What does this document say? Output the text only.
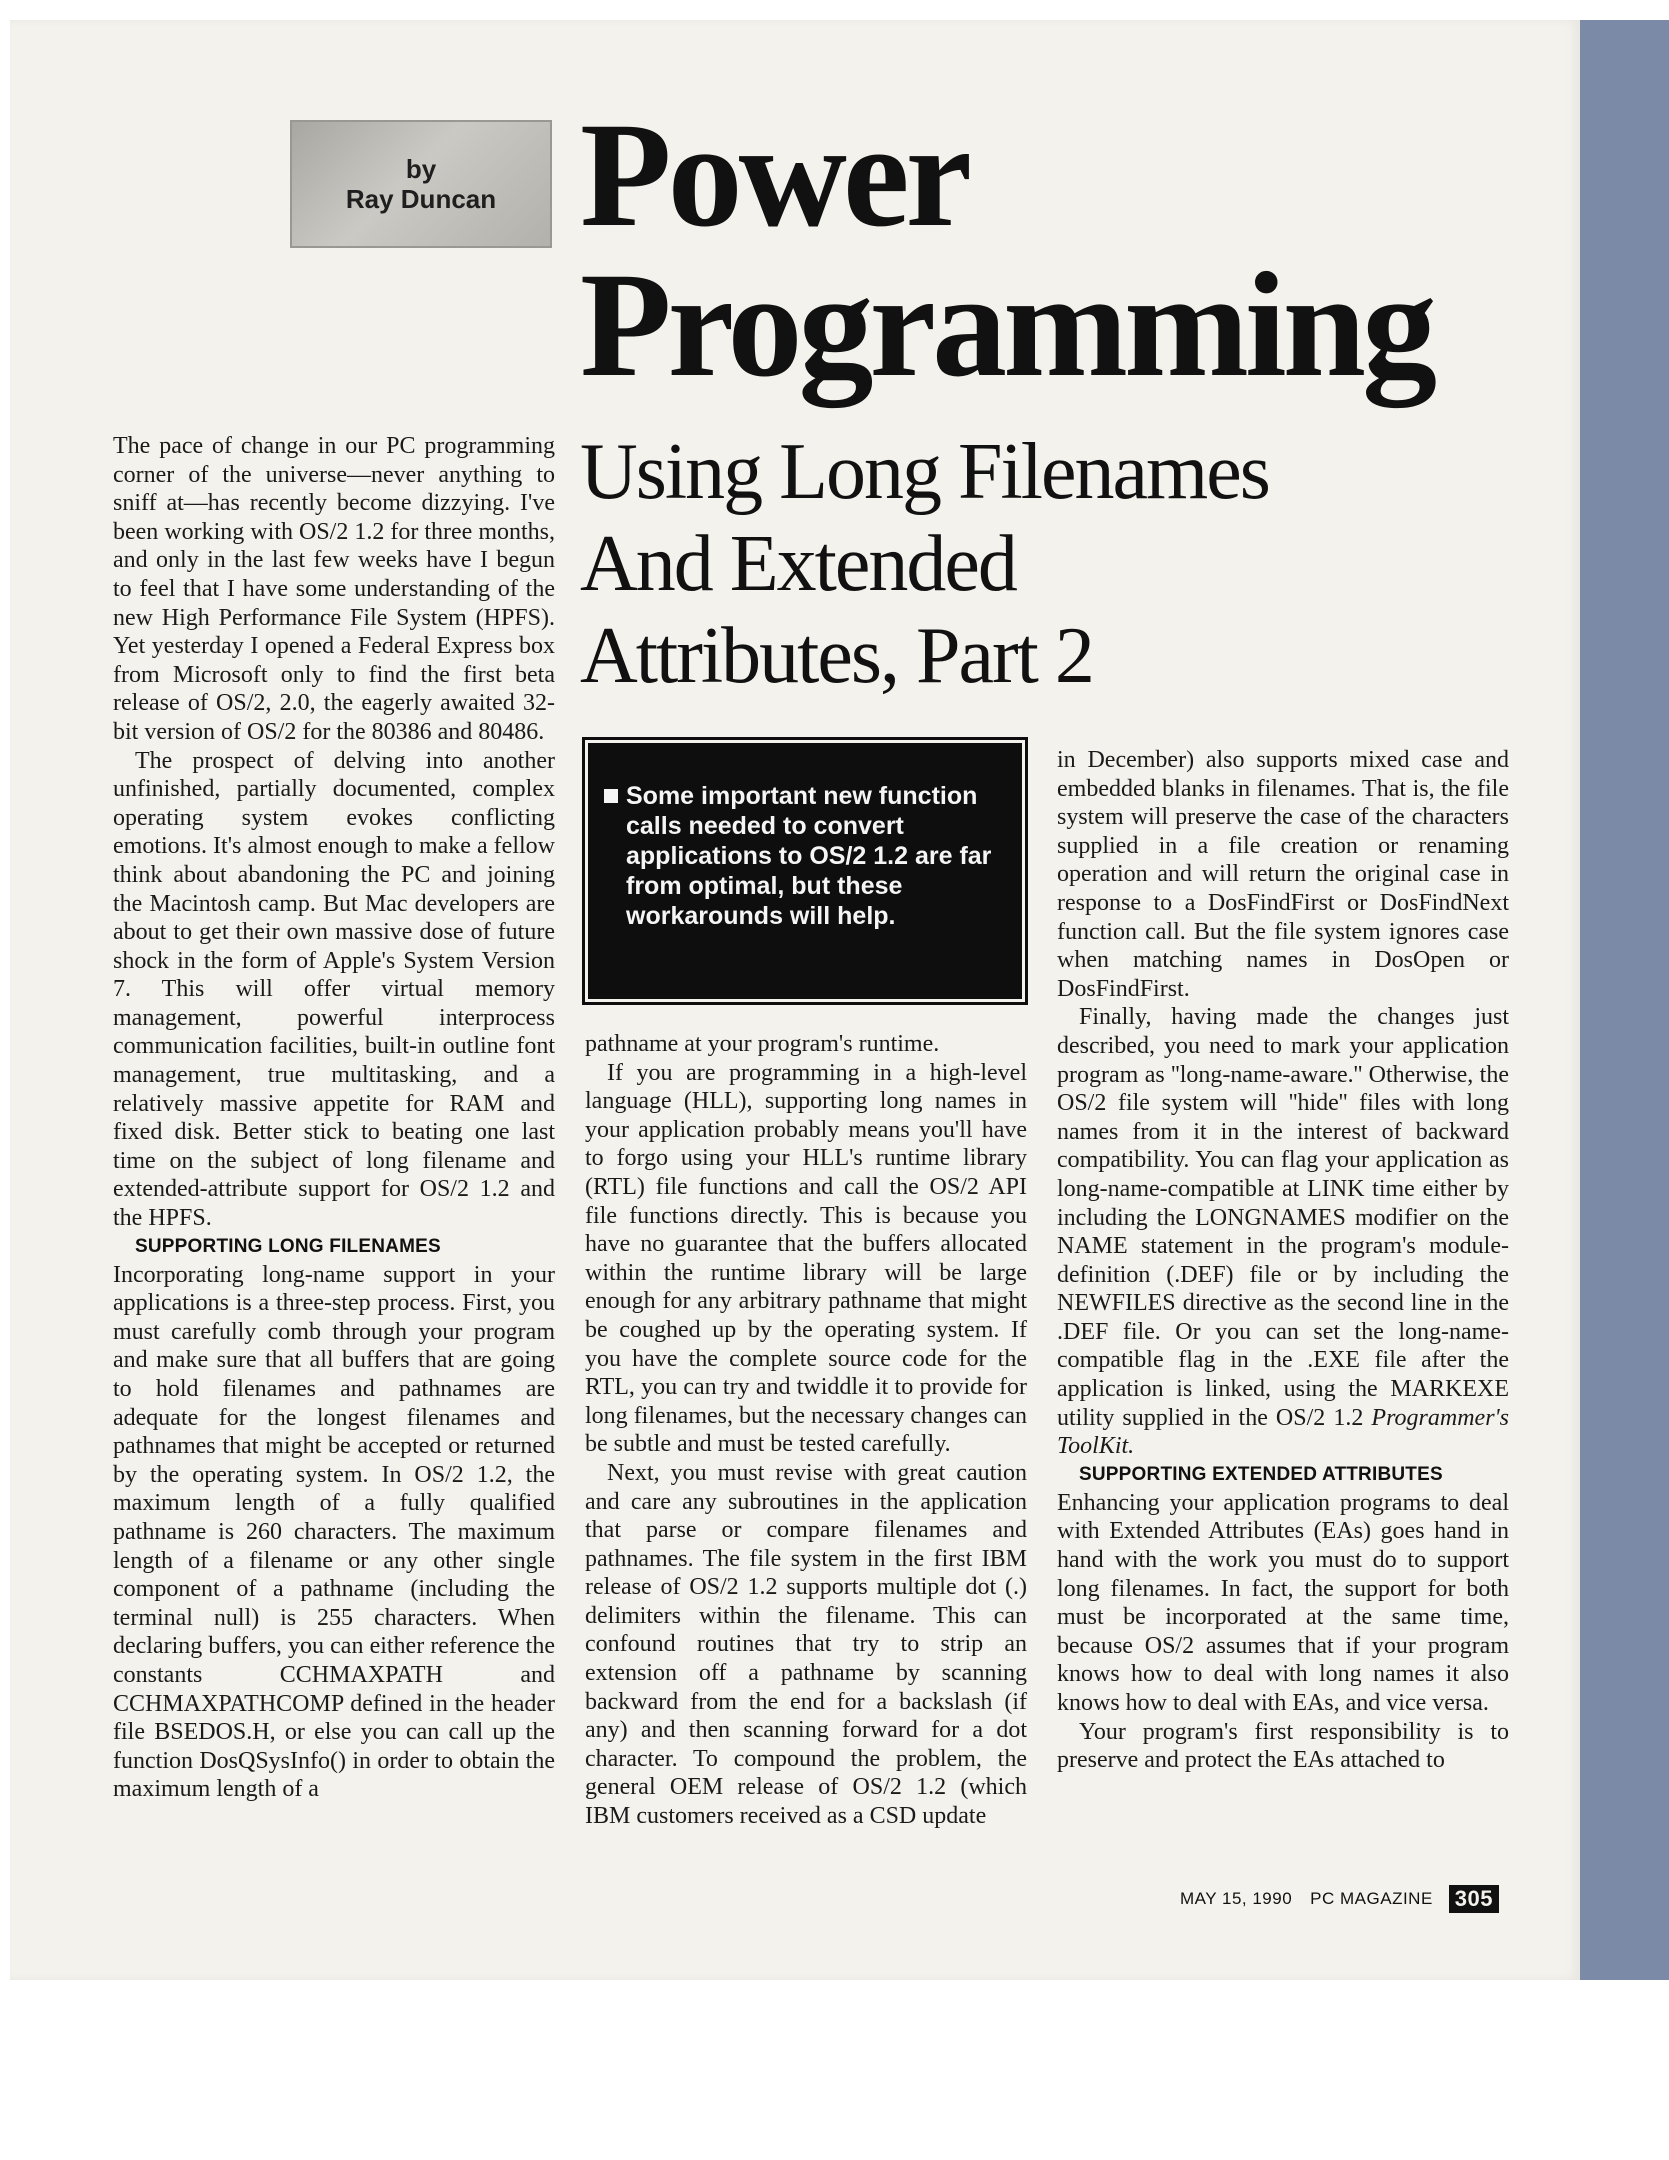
by
Ray Duncan Power
Programming
Using Long Filenames
And Extended
Attributes, Part 2

The pace of change in our PC programming corner of the universe—never anything to sniff at—has recently become dizzying. I've been working with OS/2 1.2 for three months, and only in the last few weeks have I begun to feel that I have some understanding of the new High Performance File System (HPFS). Yet yesterday I opened a Federal Express box from Microsoft only to find the first beta release of OS/2, 2.0, the eagerly awaited 32-bit version of OS/2 for the 80386 and 80486.

The prospect of delving into another unfinished, partially documented, complex operating system evokes conflicting emotions. It's almost enough to make a fellow think about abandoning the PC and joining the Macintosh camp. But Mac developers are about to get their own massive dose of future shock in the form of Apple's System Version 7. This will offer virtual memory management, powerful interprocess communication facilities, built-in outline font management, true multitasking, and a relatively massive appetite for RAM and fixed disk. Better stick to beating one last time on the subject of long filename and extended-attribute support for OS/2 1.2 and the HPFS.

SUPPORTING LONG FILENAMES

Incorporating long-name support in your applications is a three-step process. First, you must carefully comb through your program and make sure that all buffers that are going to hold filenames and pathnames are adequate for the longest filenames and pathnames that might be accepted or returned by the operating system. In OS/2 1.2, the maximum length of a fully qualified pathname is 260 characters. The maximum length of a filename or any other single component of a pathname (including the terminal null) is 255 characters. When declaring buffers, you can either reference the constants CCHMAXPATH and CCHMAXPATHCOMP defined in the header file BSEDOS.H, or else you can call up the function DosQSysInfo() in order to obtain the maximum length of a

Some important new function calls needed to convert applications to OS/2 1.2 are far from optimal, but these workarounds will help.

pathname at your program's runtime.

If you are programming in a high-level language (HLL), supporting long names in your application probably means you'll have to forgo using your HLL's runtime library (RTL) file functions and call the OS/2 API file functions directly. This is because you have no guarantee that the buffers allocated within the runtime library will be large enough for any arbitrary pathname that might be coughed up by the operating system. If you have the complete source code for the RTL, you can try and twiddle it to provide for long filenames, but the necessary changes can be subtle and must be tested carefully.

Next, you must revise with great caution and care any subroutines in the application that parse or compare filenames and pathnames. The file system in the first IBM release of OS/2 1.2 supports multiple dot (.) delimiters within the filename. This can confound routines that try to strip an extension off a pathname by scanning backward from the end for a backslash (if any) and then scanning forward for a dot character. To compound the problem, the general OEM release of OS/2 1.2 (which IBM customers received as a CSD update

in December) also supports mixed case and embedded blanks in filenames. That is, the file system will preserve the case of the characters supplied in a file creation or renaming operation and will return the original case in response to a DosFindFirst or DosFindNext function call. But the file system ignores case when matching names in DosOpen or DosFindFirst.

Finally, having made the changes just described, you need to mark your application program as ''long-name-aware.'' Otherwise, the OS/2 file system will ''hide'' files with long names from it in the interest of backward compatibility. You can flag your application as long-name-compatible at LINK time either by including the LONGNAMES modifier on the NAME statement in the program's module-definition (.DEF) file or by including the NEWFILES directive as the second line in the .DEF file. Or you can set the long-name-compatible flag in the .EXE file after the application is linked, using the MARKEXE utility supplied in the OS/2 1.2 Programmer's ToolKit.

SUPPORTING EXTENDED ATTRIBUTES

Enhancing your application programs to deal with Extended Attributes (EAs) goes hand in hand with the work you must do to support long filenames. In fact, the support for both must be incorporated at the same time, because OS/2 assumes that if your program knows how to deal with long names it also knows how to deal with EAs, and vice versa.

Your program's first responsibility is to preserve and protect the EAs attached to

MAY 15, 1990 PC MAGAZINE 305
